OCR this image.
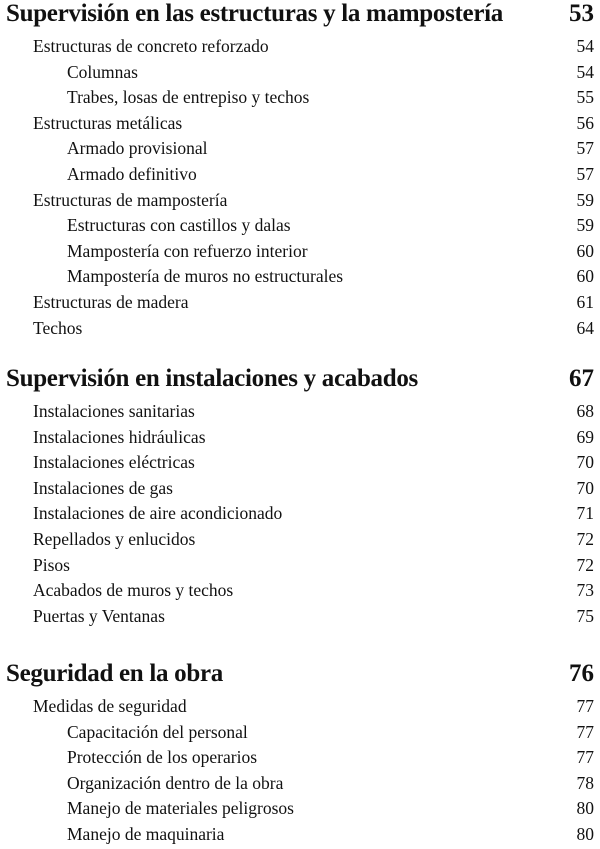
Supervisión en las estructuras y la mampostería	53
Estructuras de concreto reforzado	54
Columnas	54
Trabes, losas de entrepiso y techos	55
Estructuras metálicas	56
Armado provisional	57
Armado definitivo	57
Estructuras de mampostería	59
Estructuras con castillos y dalas	59
Mampostería con refuerzo interior	60
Mampostería de muros no estructurales	60
Estructuras de madera	61
Techos	64
Supervisión en instalaciones y acabados	67
Instalaciones sanitarias	68
Instalaciones hidráulicas	69
Instalaciones eléctricas	70
Instalaciones de gas	70
Instalaciones de aire acondicionado	71
Repellados y enlucidos	72
Pisos	72
Acabados de muros y techos	73
Puertas y Ventanas	75
Seguridad en la obra	76
Medidas de seguridad	77
Capacitación del personal	77
Protección de los operarios	77
Organización dentro de la obra	78
Manejo de materiales peligrosos	80
Manejo de maquinaria	80
